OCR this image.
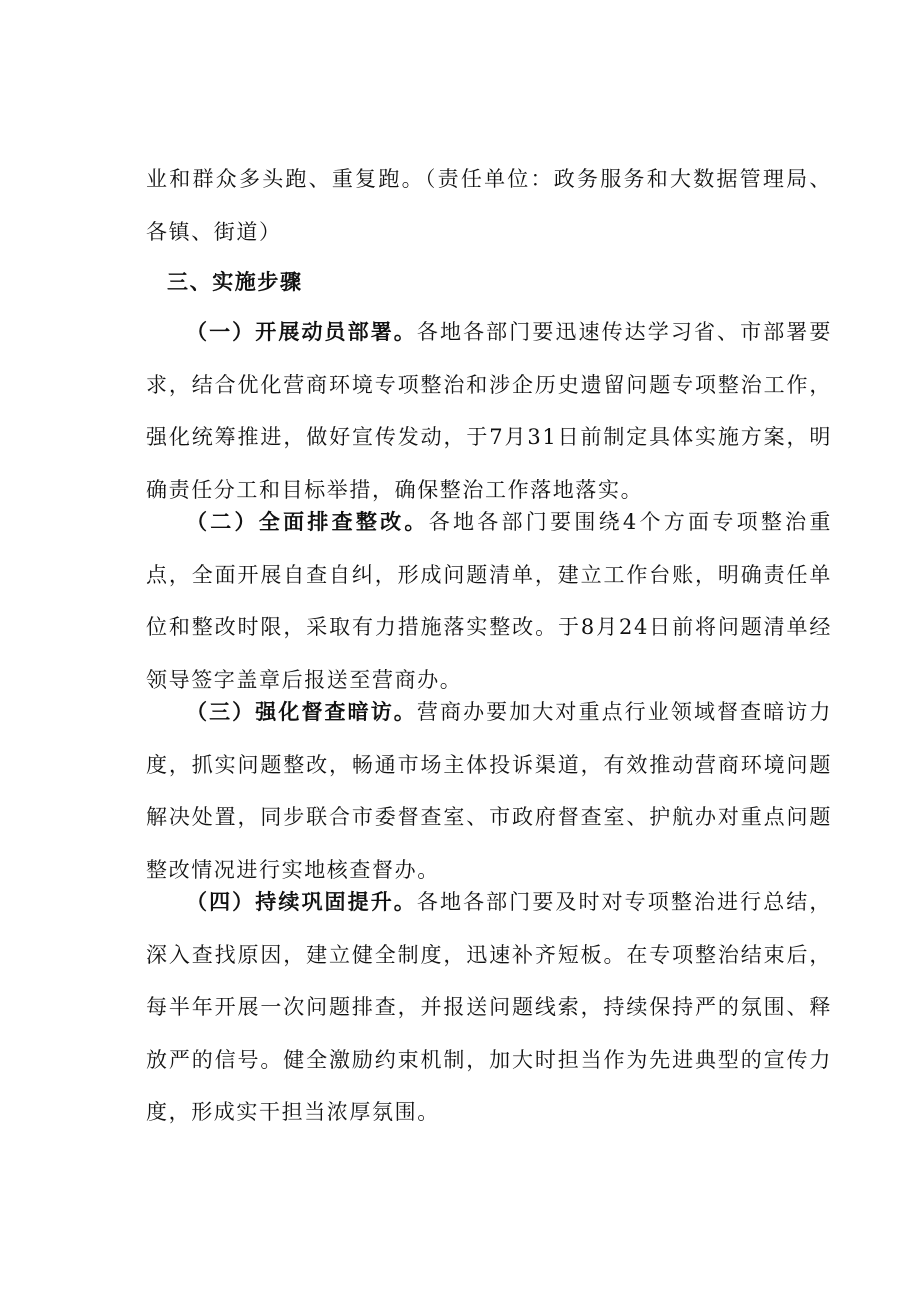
业和群众多头跑、重复跑。（责任单位：政务服务和大数据管理局、各镇、街道）

三、实施步骤

（一）开展动员部署。各地各部门要迅速传达学习省、市部署要求，结合优化营商环境专项整治和涉企历史遗留问题专项整治工作，强化统筹推进，做好宣传发动，于7月31日前制定具体实施方案，明确责任分工和目标举措，确保整治工作落地落实。

（二）全面排查整改。各地各部门要围绕4个方面专项整治重点，全面开展自查自纠，形成问题清单，建立工作台账，明确责任单位和整改时限，采取有力措施落实整改。于8月24日前将问题清单经领导签字盖章后报送至营商办。

（三）强化督查暗访。营商办要加大对重点行业领域督查暗访力度，抓实问题整改，畅通市场主体投诉渠道，有效推动营商环境问题解决处置，同步联合市委督查室、市政府督查室、护航办对重点问题整改情况进行实地核查督办。

（四）持续巩固提升。各地各部门要及时对专项整治进行总结，深入查找原因，建立健全制度，迅速补齐短板。在专项整治结束后，每半年开展一次问题排查，并报送问题线索，持续保持严的氛围、释放严的信号。健全激励约束机制，加大时担当作为先进典型的宣传力度，形成实干担当浓厚氛围。
